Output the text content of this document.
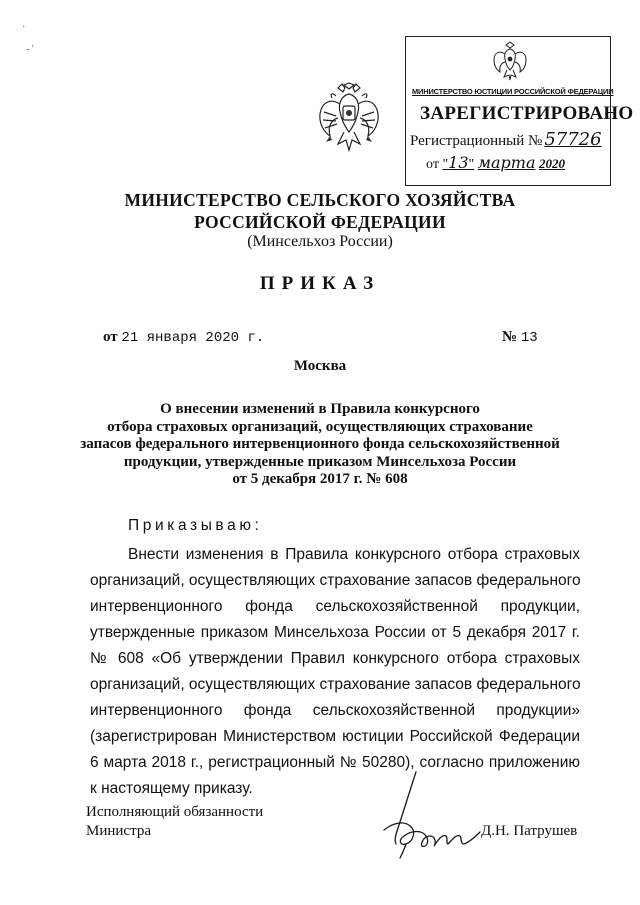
·
- '
МИНИСТЕРСТВО ЮСТИЦИИ РОССИЙСКОЙ ФЕДЕРАЦИИ
ЗАРЕГИСТРИРОВАНО
Регистрационный № 57726
от "13" марта 2020
МИНИСТЕРСТВО СЕЛЬСКОГО ХОЗЯЙСТВА
РОССИЙСКОЙ ФЕДЕРАЦИИ
(Минсельхоз России)
ПРИКАЗ
от 21 января 2020 г.	№ 13
Москва
О внесении изменений в Правила конкурсного
отбора страховых организаций, осуществляющих страхование
запасов федерального интервенционного фонда сельскохозяйственной
продукции, утвержденные приказом Минсельхоза России
от 5 декабря 2017 г. № 608
Приказываю:
Внести изменения в Правила конкурсного отбора страховых
организаций, осуществляющих страхование запасов федерального
интервенционного фонда сельскохозяйственной продукции,
утвержденные приказом Минсельхоза России от 5 декабря 2017 г.
№ 608 «Об утверждении Правил конкурсного отбора страховых
организаций, осуществляющих страхование запасов федерального
интервенционного фонда сельскохозяйственной продукции»
(зарегистрирован Министерством юстиции Российской Федерации
6 марта 2018 г., регистрационный № 50280), согласно приложению
к настоящему приказу.
Исполняющий обязанности
Министра	Д.Н. Патрушев
